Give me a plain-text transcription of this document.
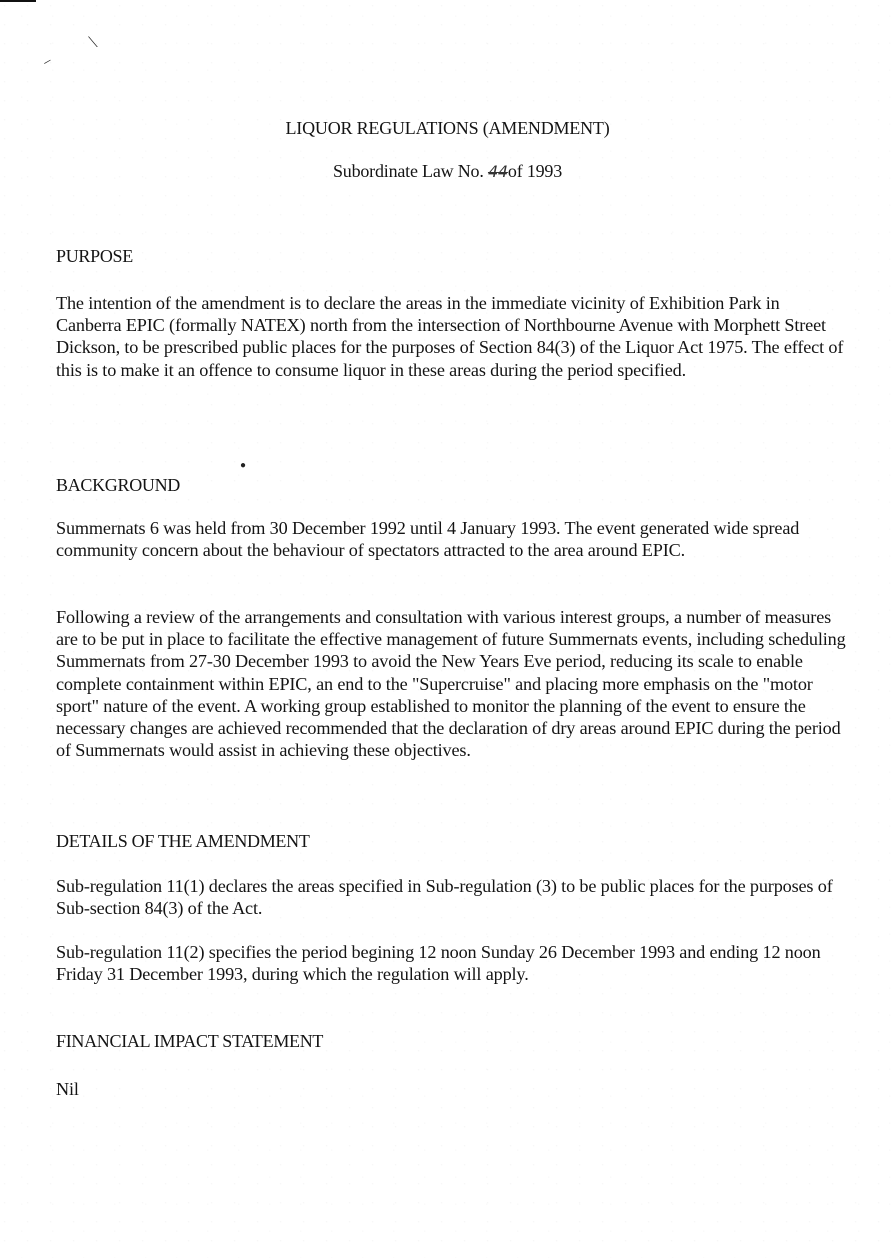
⟍
–
LIQUOR REGULATIONS (AMENDMENT)
Subordinate Law No. 44of 1993
PURPOSE

The intention of the amendment is to declare the areas in the immediate vicinity of Exhibition Park in Canberra EPIC (formally NATEX) north from the intersection of Northbourne Avenue with Morphett Street Dickson, to be prescribed public places for the purposes of Section 84(3) of the Liquor Act 1975. The effect of this is to make it an offence to consume liquor in these areas during the period specified.

●
BACKGROUND

Summernats 6 was held from 30 December 1992 until 4 January 1993. The event generated wide spread community concern about the behaviour of spectators attracted to the area around EPIC.

Following a review of the arrangements and consultation with various interest groups, a number of measures are to be put in place to facilitate the effective management of future Summernats events, including scheduling Summernats from 27-30 December 1993 to avoid the New Years Eve period, reducing its scale to enable complete containment within EPIC, an end to the "Supercruise" and placing more emphasis on the "motor sport" nature of the event. A working group established to monitor the planning of the event to ensure the necessary changes are achieved recommended that the declaration of dry areas around EPIC during the period of Summernats would assist in achieving these objectives.

DETAILS OF THE AMENDMENT

Sub-regulation 11(1) declares the areas specified in Sub-regulation (3) to be public places for the purposes of Sub-section 84(3) of the Act.

Sub-regulation 11(2) specifies the period begining 12 noon Sunday 26 December 1993 and ending 12 noon Friday 31 December 1993, during which the regulation will apply.

FINANCIAL IMPACT STATEMENT

Nil
